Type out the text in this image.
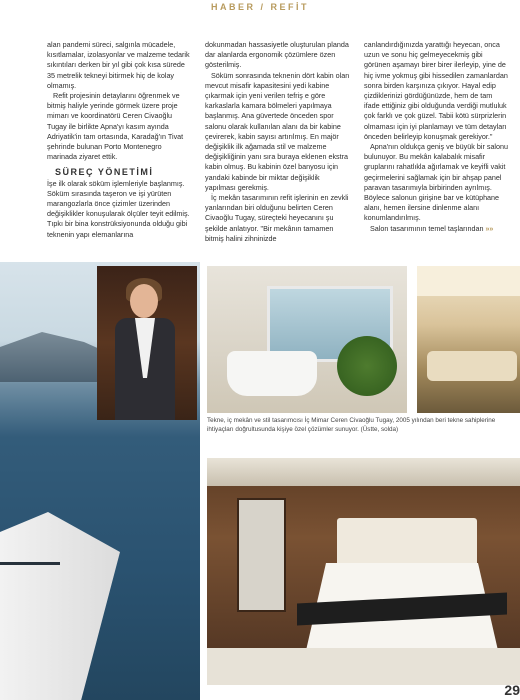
HABER / REFİT

alan pandemi süreci, salgınla mücadele, kısıtlamalar, izolasyonlar ve malzeme tedarik sıkıntıları derken bir yıl gibi çok kısa sürede 35 metrelik tekneyi bitirmek hiç de kolay olmamış.

Refit projesinin detaylarını öğrenmek ve bitmiş haliyle yerinde görmek üzere proje mimarı ve koordinatörü Ceren Civaoğlu Tugay ile birlikte Apna'yı kasım ayında Adriyatik'in tam ortasında, Karadağ'ın Tivat şehrinde bulunan Porto Montenegro marinada ziyaret ettik.

SÜREÇ YÖNETİMİ

İşe ilk olarak söküm işlemleriyle başlanmış. Söküm sırasında taşeron ve işi yürüten marangozlarla önce çizimler üzerinden değişiklikler konuşularak ölçüler teyit edilmiş. Tıpkı bir bina konstrüksiyonunda olduğu gibi teknenin yapı elemanlarına

dokunmadan hassasiyetle oluşturulan planda dar alanlarda ergonomik çözümlere özen gösterilmiş.

Söküm sonrasında teknenin dört kabin olan mevcut misafir kapasitesini yedi kabine çıkarmak için yeni verilen tefriş e göre karkaslarla kamara bölmeleri yapılmaya başlanmış. Ana güvertede önceden spor salonu olarak kullanılan alanı da bir kabine çevirerek, kabin sayısı artırılmış. En majör değişiklik ilk ağamada stil ve malzeme değişikliğinin yanı sıra buraya eklenen ekstra kabin olmuş. Bu kabinin özel banyosu için yandaki kabinde bir miktar değişiklik yapılması gerekmiş.

İç mekân tasarımının refit işlerinin en zevkli yanlarından biri olduğunu belirten Ceren Civaoğlu Tugay, süreçteki heyecanını şu şekilde anlatıyor. "Bir mekânın tamamen bitmiş halini zihninizde

canlandırdığınızda yarattığı heyecan, onca uzun ve sonu hiç gelmeyecekmiş gibi görünen aşamayı birer birer ilerleyip, yine de hiç ivme yokmuş gibi hissedilen zamanlardan sonra birden karşınıza çıkıyor. Hayal edip çizdiklerinizi gördüğünüzde, hem de tam ifade ettiğiniz gibi olduğunda verdiği mutluluk çok farklı ve çok güzel. Tabii kötü sürprizlerin olmaması için iyi planlamayı ve tüm detayları önceden belirleyip konuşmak gerekiyor."

Apna'nın oldukça geniş ve büyük bir salonu bulunuyor. Bu mekân kalabalık misafir gruplarını rahatlıkla ağırlamak ve keyifli vakit geçirmelerini sağlamak için bir ahşap panel paravan tasarımıyla birbirinden ayrılmış. Böylece salonun girişine bar ve kütüphane alanı, hemen ilersine dinlenme alanı konumlandırılmış.

Salon tasarımının temel taşlarından »»

Tekne, iç mekân ve stil tasarımcısı İç Mimar Ceren Civaoğlu Tugay, 2005 yılından beri tekne sahiplerine ihtiyaçları doğrultusunda kişiye özel çözümler sunuyor. (Üstte, solda)
29
